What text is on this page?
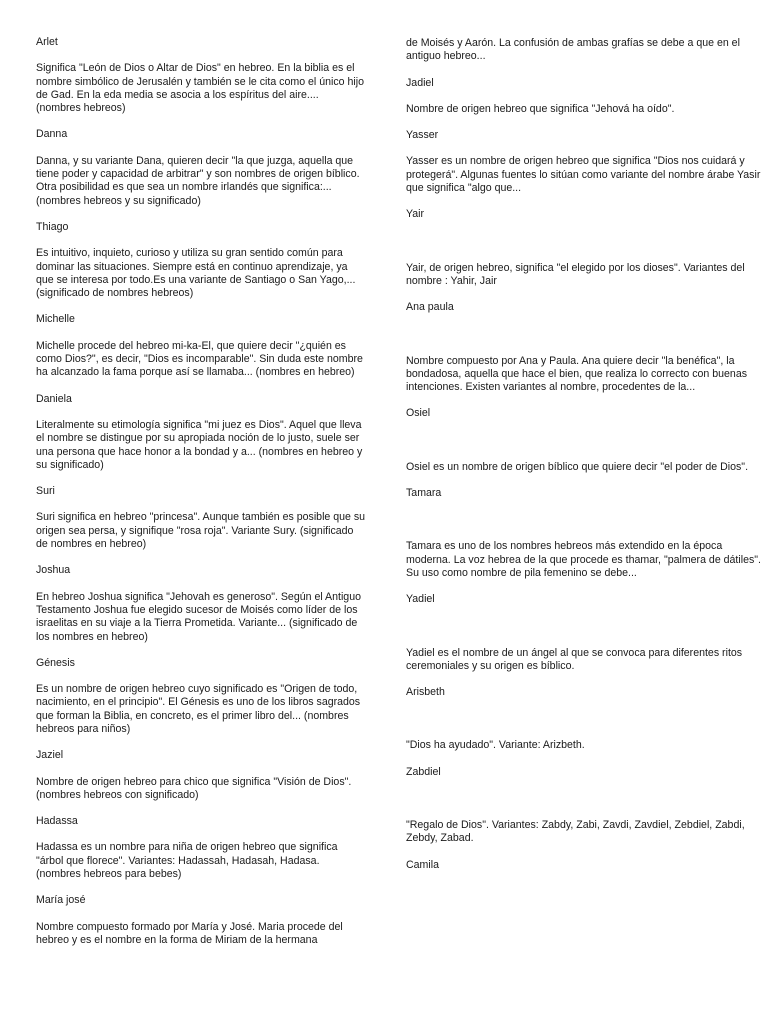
Arlet

Significa "León de Dios o Altar de Dios" en hebreo. En la biblia es el nombre simbólico de Jerusalén y también se le cita como el único hijo de Gad. En la eda media se asocia a los espíritus del aire.... (nombres hebreos)

Danna

Danna, y su variante Dana, quieren decir "la que juzga, aquella que tiene poder y capacidad de arbitrar" y son nombres de origen bíblico. Otra posibilidad es que sea un nombre irlandés que significa:... (nombres hebreos y su significado)

Thiago

Es intuitivo, inquieto, curioso y utiliza su gran sentido común para dominar las situaciones. Siempre está en continuo aprendizaje, ya que se interesa por todo.Es una variante de Santiago o San Yago,... (significado de nombres hebreos)

Michelle

Michelle procede del hebreo mi-ka-El, que quiere decir "¿quién es como Dios?", es decir, "Dios es incomparable". Sin duda este nombre ha alcanzado la fama porque así se llamaba... (nombres en hebreo)

Daniela

Literalmente su etimología significa "mi juez es Dios". Aquel que lleva el nombre se distingue por su apropiada noción de lo justo, suele ser una persona que hace honor a la bondad y a... (nombres en hebreo y su significado)

Suri

Suri significa en hebreo "princesa". Aunque también es posible que su origen sea persa, y signifique "rosa roja". Variante Sury. (significado de nombres en hebreo)

Joshua

En hebreo Joshua significa "Jehovah es generoso". Según el Antiguo Testamento Joshua fue elegido sucesor de Moisés como líder de los israelitas en su viaje a la Tierra Prometida. Variante... (significado de los nombres en hebreo)

Génesis

Es un nombre de origen hebreo cuyo significado es "Origen de todo, nacimiento, en el principio". El Génesis es uno de los libros sagrados que forman la Biblia, en concreto, es el primer libro del... (nombres hebreos para niños)

Jaziel

Nombre de origen hebreo para chico que significa "Visión de Dios". (nombres hebreos con significado)

Hadassa

Hadassa es un nombre para niña de origen hebreo que significa "árbol que florece". Variantes: Hadassah, Hadasah, Hadasa. (nombres hebreos para bebes)

María josé

Nombre compuesto formado por María y José. Maria procede del hebreo y es el nombre en la forma de Miriam de la hermana

de Moisés y Aarón. La confusión de ambas grafías se debe a que en el antiguo hebreo...

Jadiel

Nombre de origen hebreo que significa "Jehová ha oído".

Yasser

Yasser es un nombre de origen hebreo que significa "Dios nos cuidará y protegerá". Algunas fuentes lo sitúan como variante del nombre árabe Yasir que significa "algo que...

Yair

Yair, de origen hebreo, significa "el elegido por los dioses". Variantes del nombre : Yahir, Jair

Ana paula

Nombre compuesto por Ana y Paula. Ana quiere decir "la benéfica", la bondadosa, aquella que hace el bien, que realiza lo correcto con buenas intenciones. Existen variantes al nombre, procedentes de la...

Osiel

Osiel es un nombre de origen bíblico que quiere decir "el poder de Dios".

Tamara

Tamara es uno de los nombres hebreos más extendido en la época moderna. La voz hebrea de la que procede es thamar, "palmera de dátiles". Su uso como nombre de pila femenino se debe...

Yadiel

Yadiel es el nombre de un ángel al que se convoca para diferentes ritos ceremoniales y su origen es bíblico.

Arisbeth

"Dios ha ayudado". Variante: Arizbeth.

Zabdiel

"Regalo de Dios". Variantes: Zabdy, Zabi, Zavdi, Zavdiel, Zebdiel, Zabdi, Zebdy, Zabad.

Camila
